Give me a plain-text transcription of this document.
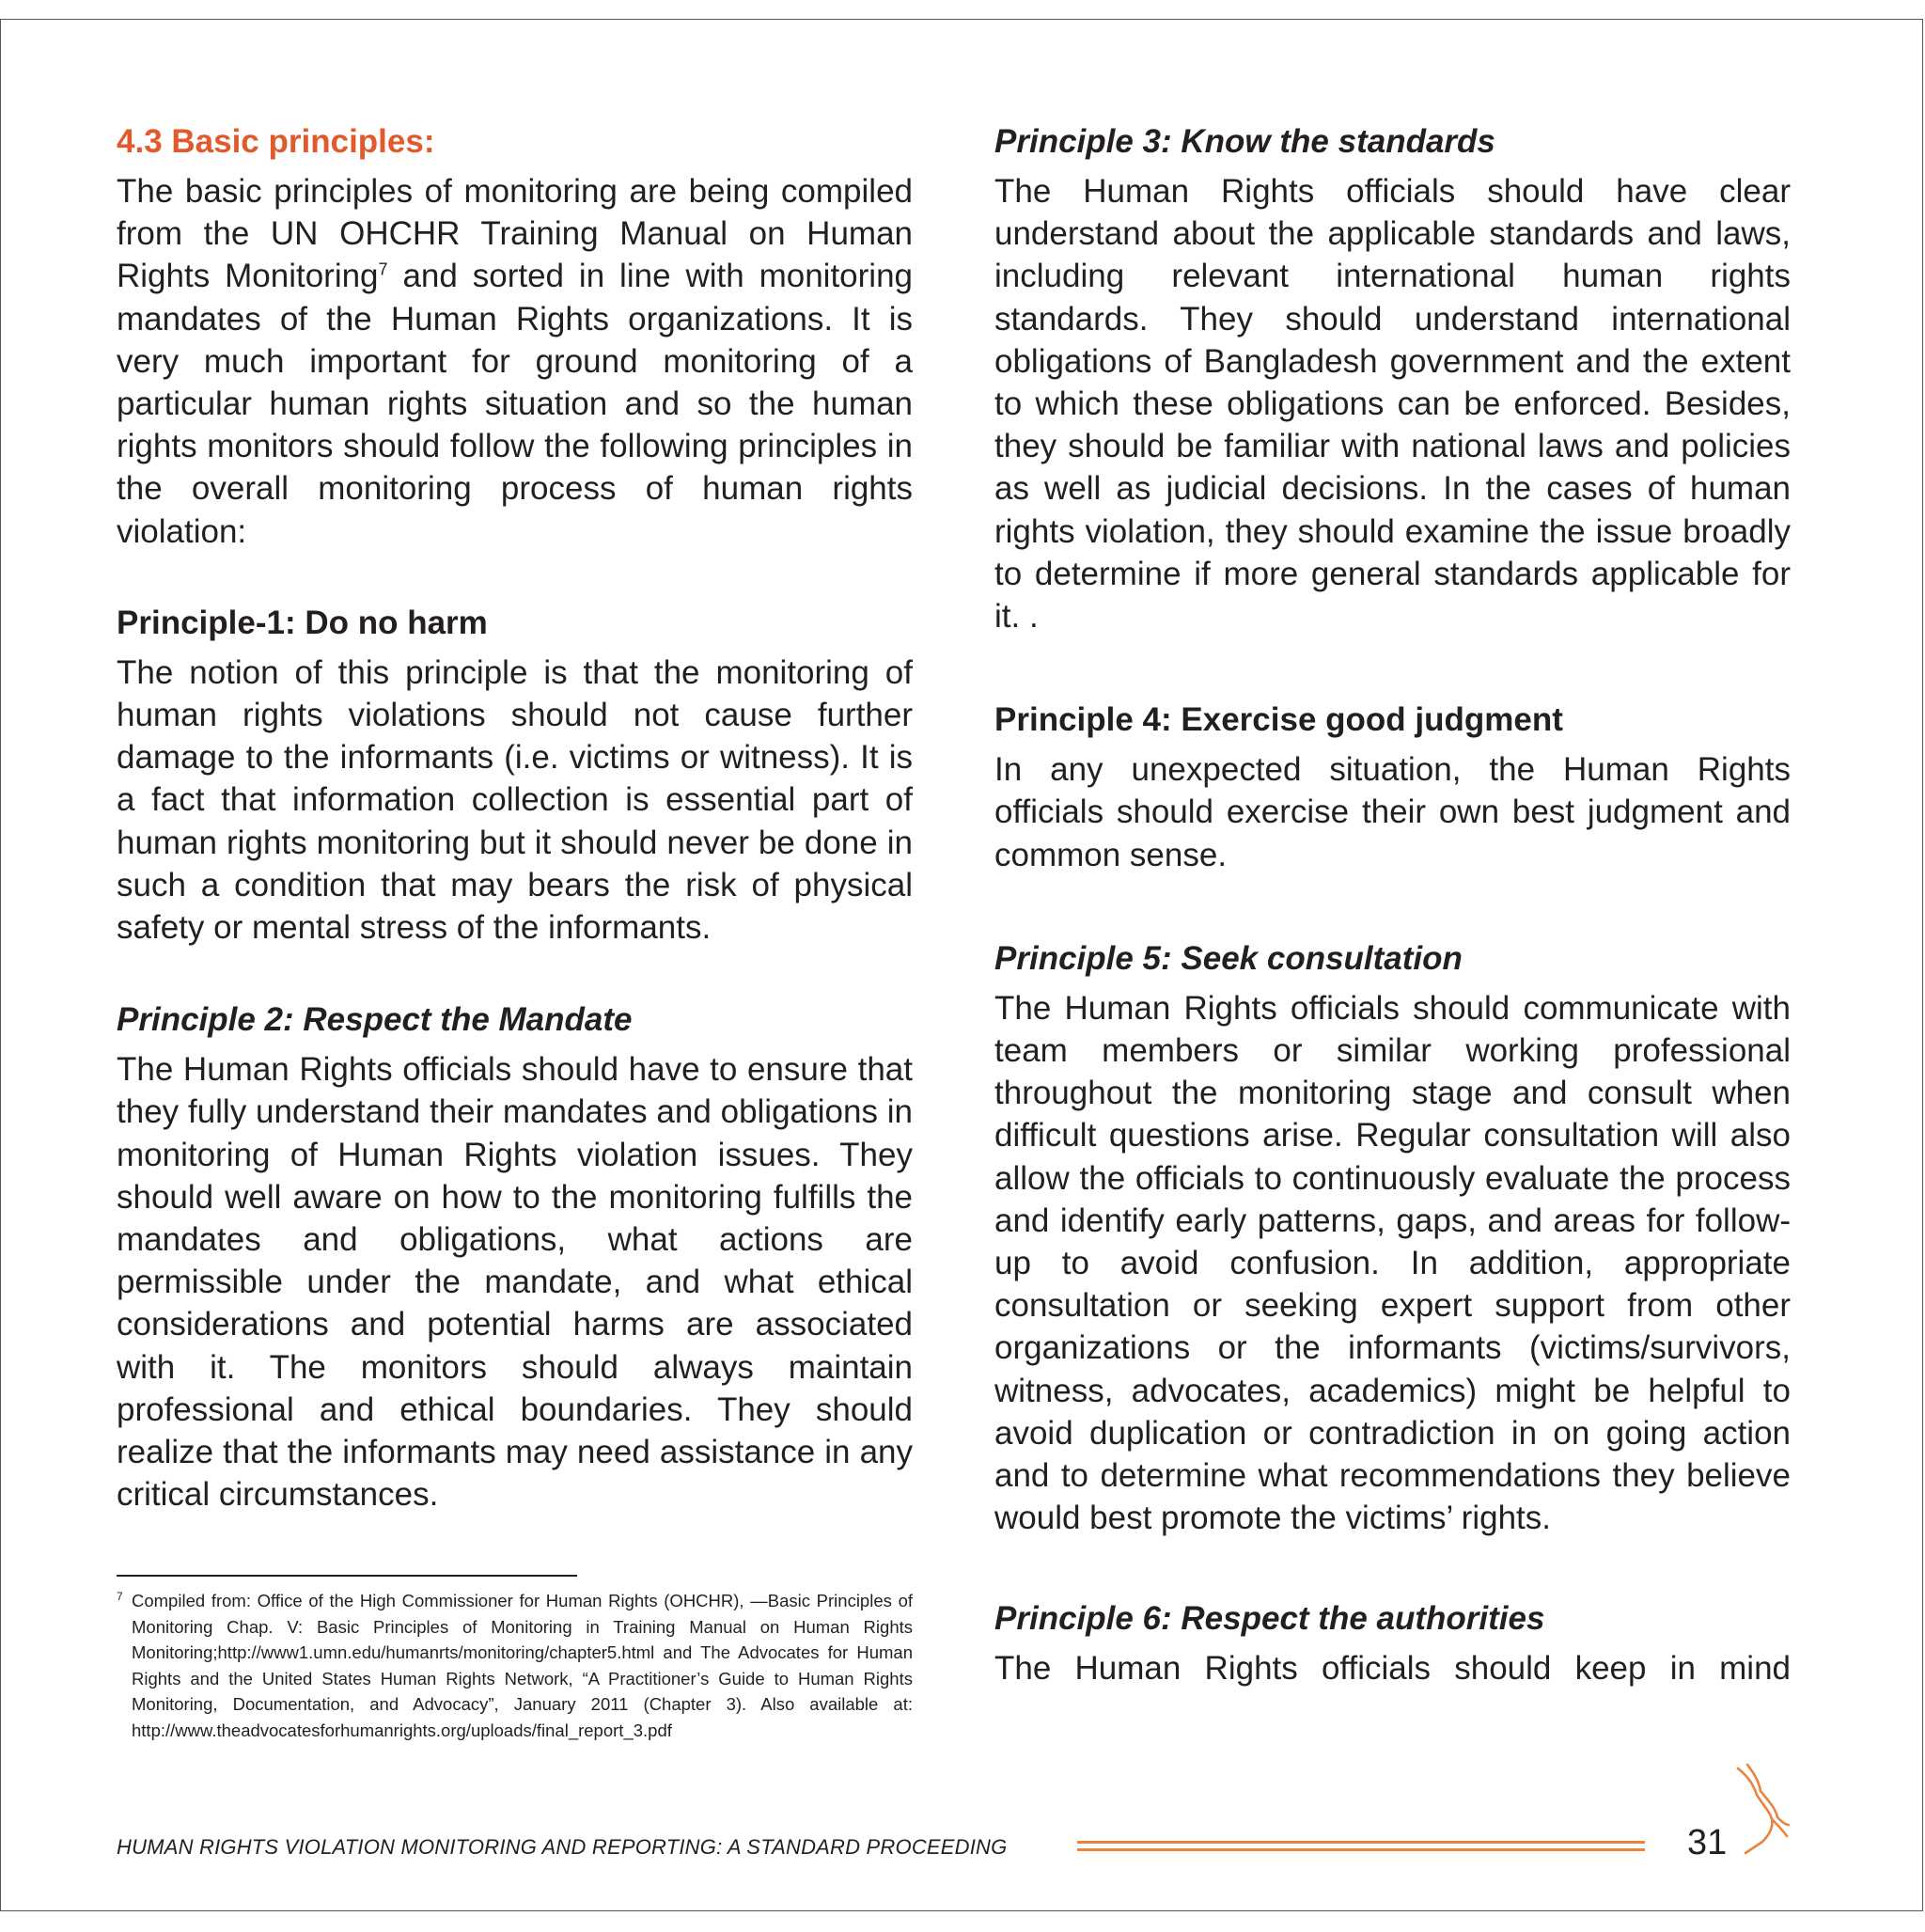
4.3 Basic principles:

The basic principles of monitoring are being compiled from the UN OHCHR Training Manual on Human Rights Monitoring$^7$ and sorted in line with monitoring mandates of the Human Rights organizations. It is very much important for ground monitoring of a particular human rights situation and so the human rights monitors should follow the following principles in the overall monitoring process of human rights violation:

Principle-1: Do no harm

The notion of this principle is that the monitoring of human rights violations should not cause further damage to the informants (i.e. victims or witness). It is a fact that information collection is essential part of human rights monitoring but it should never be done in such a condition that may bears the risk of physical safety or mental stress of the informants.

Principle 2: Respect the Mandate

The Human Rights officials should have to ensure that they fully understand their mandates and obligations in monitoring of Human Rights violation issues. They should well aware on how to the monitoring fulfills the mandates and obligations, what actions are permissible under the mandate, and what ethical considerations and potential harms are associated with it. The monitors should always maintain professional and ethical boundaries. They should realize that the informants may need assistance in any critical circumstances.

Principle 3: Know the standards

The Human Rights officials should have clear understand about the applicable standards and laws, including relevant international human rights standards. They should understand international obligations of Bangladesh government and the extent to which these obligations can be enforced. Besides, they should be familiar with national laws and policies as well as judicial decisions. In the cases of human rights violation, they should examine the issue broadly to determine if more general standards applicable for it. .

Principle 4: Exercise good judgment

In any unexpected situation, the Human Rights officials should exercise their own best judgment and common sense.

Principle 5: Seek consultation

The Human Rights officials should communicate with team members or similar working professional throughout the monitoring stage and consult when difficult questions arise. Regular consultation will also allow the officials to continuously evaluate the process and identify early patterns, gaps, and areas for follow-up to avoid confusion. In addition, appropriate consultation or seeking expert support from other organizations or the informants (victims/survivors, witness, advocates, academics) might be helpful to avoid duplication or contradiction in on going action and to determine what recommendations they believe would best promote the victims’ rights.

Principle 6: Respect the authorities

The Human Rights officials should keep in mind

7 Compiled from: Office of the High Commissioner for Human Rights (OHCHR), —Basic Principles of Monitoring Chap. V: Basic Principles of Monitoring in Training Manual on Human Rights Monitoring;http://www1.umn.edu/humanrts/monitoring/chapter5.html and The Advocates for Human Rights and the United States Human Rights Network, “A Practitioner’s Guide to Human Rights Monitoring, Documentation, and Advocacy”, January 2011 (Chapter 3). Also available at: http://www.theadvocatesforhumanrights.org/uploads/final_report_3.pdf
HUMAN RIGHTS VIOLATION MONITORING AND REPORTING: A STANDARD PROCEEDING	31
